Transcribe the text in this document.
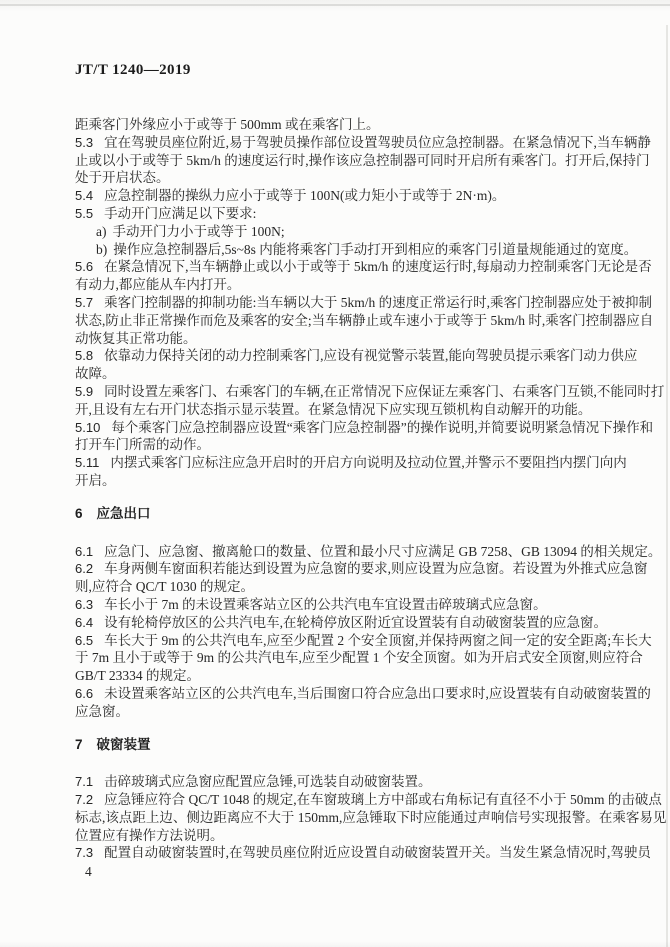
JT/T 1240—2019
距乘客门外缘应小于或等于 500mm 或在乘客门上。
5.3 宜在驾驶员座位附近,易于驾驶员操作部位设置驾驶员位应急控制器。在紧急情况下,当车辆静
止或以小于或等于 5km/h 的速度运行时,操作该应急控制器可同时开启所有乘客门。打开后,保持门
处于开启状态。
5.4 应急控制器的操纵力应小于或等于 100N(或力矩小于或等于 2N·m)。
5.5 手动开门应满足以下要求:
a) 手动开门力小于或等于 100N;
b) 操作应急控制器后,5s~8s 内能将乘客门手动打开到相应的乘客门引道量规能通过的宽度。
5.6 在紧急情况下,当车辆静止或以小于或等于 5km/h 的速度运行时,每扇动力控制乘客门无论是否
有动力,都应能从车内打开。
5.7 乘客门控制器的抑制功能:当车辆以大于 5km/h 的速度正常运行时,乘客门控制器应处于被抑制
状态,防止非正常操作而危及乘客的安全;当车辆静止或车速小于或等于 5km/h 时,乘客门控制器应自
动恢复其正常功能。
5.8 依靠动力保持关闭的动力控制乘客门,应设有视觉警示装置,能向驾驶员提示乘客门动力供应
故障。
5.9 同时设置左乘客门、右乘客门的车辆,在正常情况下应保证左乘客门、右乘客门互锁,不能同时打
开,且设有左右开门状态指示显示装置。在紧急情况下应实现互锁机构自动解开的功能。
5.10 每个乘客门应急控制器应设置“乘客门应急控制器”的操作说明,并简要说明紧急情况下操作和
打开车门所需的动作。
5.11 内摆式乘客门应标注应急开启时的开启方向说明及拉动位置,并警示不要阻挡内摆门向内
开启。
6 应急出口
6.1 应急门、应急窗、撤离舱口的数量、位置和最小尺寸应满足 GB 7258、GB 13094 的相关规定。
6.2 车身两侧车窗面积若能达到设置为应急窗的要求,则应设置为应急窗。若设置为外推式应急窗
则,应符合 QC/T 1030 的规定。
6.3 车长小于 7m 的未设置乘客站立区的公共汽电车宜设置击碎玻璃式应急窗。
6.4 设有轮椅停放区的公共汽电车,在轮椅停放区附近宜设置装有自动破窗装置的应急窗。
6.5 车长大于 9m 的公共汽电车,应至少配置 2 个安全顶窗,并保持两窗之间一定的安全距离;车长大
于 7m 且小于或等于 9m 的公共汽电车,应至少配置 1 个安全顶窗。如为开启式安全顶窗,则应符合
GB/T 23334 的规定。
6.6 未设置乘客站立区的公共汽电车,当后围窗口符合应急出口要求时,应设置装有自动破窗装置的
应急窗。
7 破窗装置
7.1 击碎玻璃式应急窗应配置应急锤,可选装自动破窗装置。
7.2 应急锤应符合 QC/T 1048 的规定,在车窗玻璃上方中部或右角标记有直径不小于 50mm 的击破点
标志,该点距上边、侧边距离应不大于 150mm,应急锤取下时应能通过声响信号实现报警。在乘客易见
位置应有操作方法说明。
7.3 配置自动破窗装置时,在驾驶员座位附近应设置自动破窗装置开关。当发生紧急情况时,驾驶员
4
